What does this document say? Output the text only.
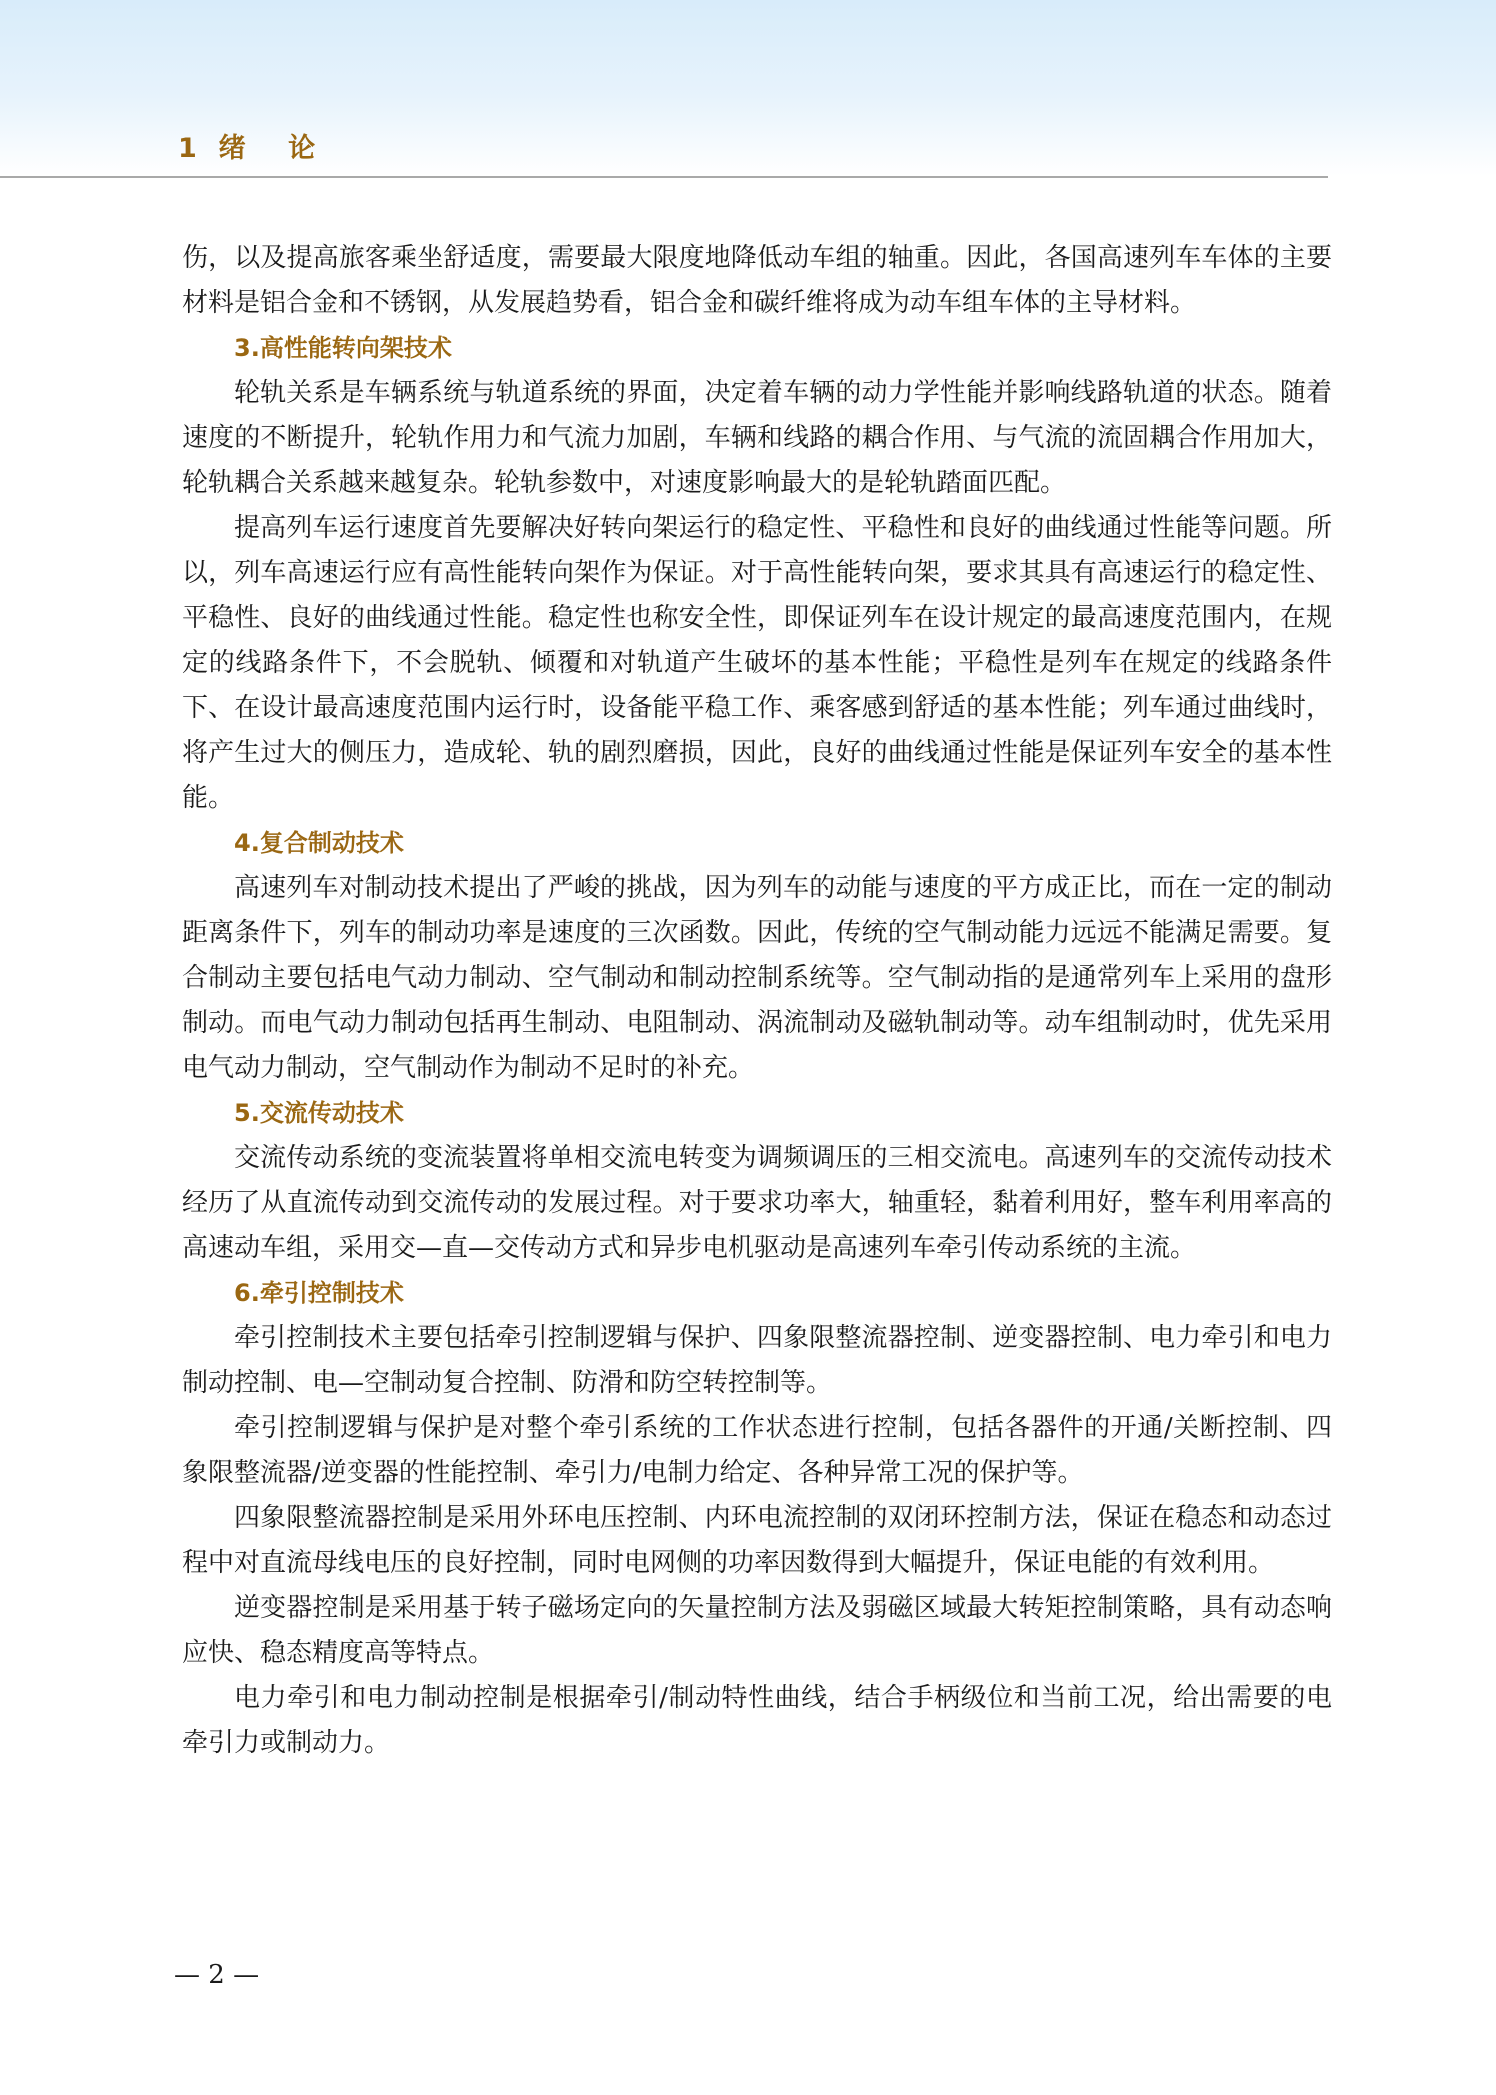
1  绪    论

伤，以及提高旅客乘坐舒适度，需要最大限度地降低动车组的轴重。因此，各国高速列车车体的主要材料是铝合金和不锈钢，从发展趋势看，铝合金和碳纤维将成为动车组车体的主导材料。

3.高性能转向架技术

轮轨关系是车辆系统与轨道系统的界面，决定着车辆的动力学性能并影响线路轨道的状态。随着速度的不断提升，轮轨作用力和气流力加剧，车辆和线路的耦合作用、与气流的流固耦合作用加大，轮轨耦合关系越来越复杂。轮轨参数中，对速度影响最大的是轮轨踏面匹配。

提高列车运行速度首先要解决好转向架运行的稳定性、平稳性和良好的曲线通过性能等问题。所以，列车高速运行应有高性能转向架作为保证。对于高性能转向架，要求其具有高速运行的稳定性、平稳性、良好的曲线通过性能。稳定性也称安全性，即保证列车在设计规定的最高速度范围内，在规定的线路条件下，不会脱轨、倾覆和对轨道产生破坏的基本性能；平稳性是列车在规定的线路条件下、在设计最高速度范围内运行时，设备能平稳工作、乘客感到舒适的基本性能；列车通过曲线时，将产生过大的侧压力，造成轮、轨的剧烈磨损，因此，良好的曲线通过性能是保证列车安全的基本性能。

4.复合制动技术

高速列车对制动技术提出了严峻的挑战，因为列车的动能与速度的平方成正比，而在一定的制动距离条件下，列车的制动功率是速度的三次函数。因此，传统的空气制动能力远远不能满足需要。复合制动主要包括电气动力制动、空气制动和制动控制系统等。空气制动指的是通常列车上采用的盘形制动。而电气动力制动包括再生制动、电阻制动、涡流制动及磁轨制动等。动车组制动时，优先采用电气动力制动，空气制动作为制动不足时的补充。

5.交流传动技术

交流传动系统的变流装置将单相交流电转变为调频调压的三相交流电。高速列车的交流传动技术经历了从直流传动到交流传动的发展过程。对于要求功率大，轴重轻，黏着利用好，整车利用率高的高速动车组，采用交—直—交传动方式和异步电机驱动是高速列车牵引传动系统的主流。

6.牵引控制技术

牵引控制技术主要包括牵引控制逻辑与保护、四象限整流器控制、逆变器控制、电力牵引和电力制动控制、电—空制动复合控制、防滑和防空转控制等。

牵引控制逻辑与保护是对整个牵引系统的工作状态进行控制，包括各器件的开通/关断控制、四象限整流器/逆变器的性能控制、牵引力/电制力给定、各种异常工况的保护等。

四象限整流器控制是采用外环电压控制、内环电流控制的双闭环控制方法，保证在稳态和动态过程中对直流母线电压的良好控制，同时电网侧的功率因数得到大幅提升，保证电能的有效利用。

逆变器控制是采用基于转子磁场定向的矢量控制方法及弱磁区域最大转矩控制策略，具有动态响应快、稳态精度高等特点。

电力牵引和电力制动控制是根据牵引/制动特性曲线，结合手柄级位和当前工况，给出需要的电牵引力或制动力。

— 2 —
